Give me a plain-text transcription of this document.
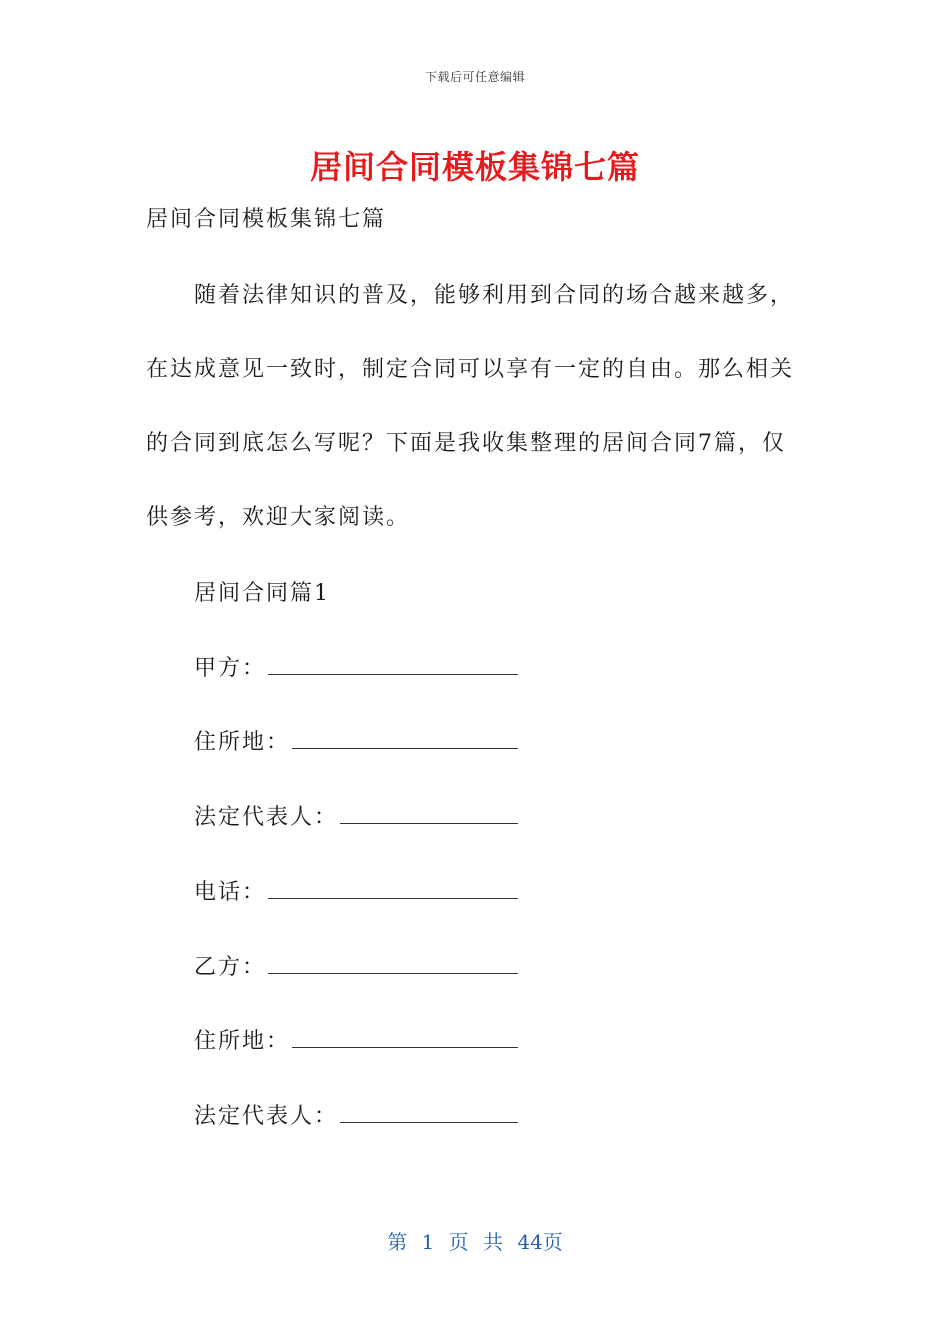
下载后可任意编辑
居间合同模板集锦七篇
居间合同模板集锦七篇
随着法律知识的普及，能够利用到合同的场合越来越多，
在达成意见一致时，制定合同可以享有一定的自由。那么相关
的合同到底怎么写呢？下面是我收集整理的居间合同7篇，仅
供参考，欢迎大家阅读。
居间合同篇1
甲方：
住所地：
法定代表人：
电话：
乙方：
住所地：
法定代表人：
第 1 页 共 44页
